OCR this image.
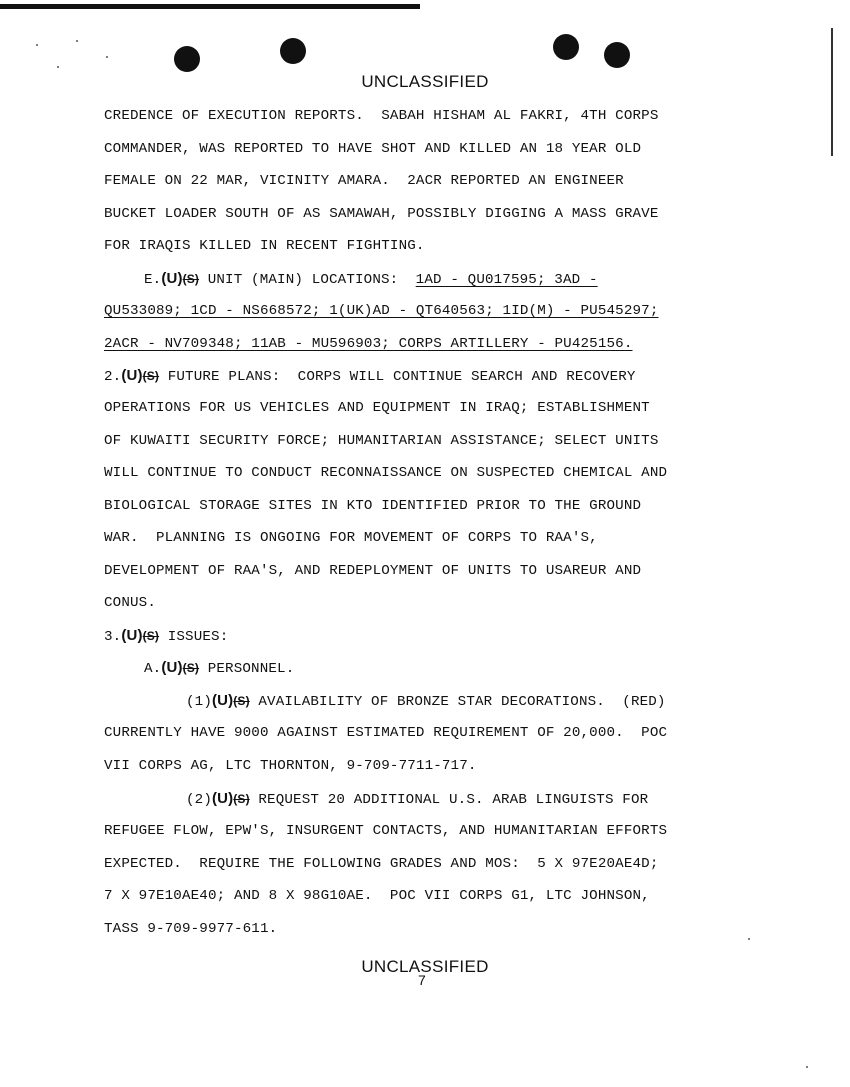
UNCLASSIFIED
CREDENCE OF EXECUTION REPORTS.  SABAH HISHAM AL FAKRI, 4TH CORPS
COMMANDER, WAS REPORTED TO HAVE SHOT AND KILLED AN 18 YEAR OLD
FEMALE ON 22 MAR, VICINITY AMARA.  2ACR REPORTED AN ENGINEER
BUCKET LOADER SOUTH OF AS SAMAWAH, POSSIBLY DIGGING A MASS GRAVE
FOR IRAQIS KILLED IN RECENT FIGHTING.
E.(U)(S) UNIT (MAIN) LOCATIONS:  1AD - QU017595; 3AD -
QU533089; 1CD - NS668572; 1(UK)AD - QT640563; 1ID(M) - PU545297;
2ACR - NV709348; 11AB - MU596903; CORPS ARTILLERY - PU425156.
2.(U)(S) FUTURE PLANS:  CORPS WILL CONTINUE SEARCH AND RECOVERY
OPERATIONS FOR US VEHICLES AND EQUIPMENT IN IRAQ; ESTABLISHMENT
OF KUWAITI SECURITY FORCE; HUMANITARIAN ASSISTANCE; SELECT UNITS
WILL CONTINUE TO CONDUCT RECONNAISSANCE ON SUSPECTED CHEMICAL AND
BIOLOGICAL STORAGE SITES IN KTO IDENTIFIED PRIOR TO THE GROUND
WAR.  PLANNING IS ONGOING FOR MOVEMENT OF CORPS TO RAA'S,
DEVELOPMENT OF RAA'S, AND REDEPLOYMENT OF UNITS TO USAREUR AND
CONUS.
3.(U)(S) ISSUES:
A.(U)(S) PERSONNEL.
(1)(U)(S) AVAILABILITY OF BRONZE STAR DECORATIONS.  (RED)
CURRENTLY HAVE 9000 AGAINST ESTIMATED REQUIREMENT OF 20,000.  POC
VII CORPS AG, LTC THORNTON, 9-709-7711-717.
(2)(U)(S) REQUEST 20 ADDITIONAL U.S. ARAB LINGUISTS FOR
REFUGEE FLOW, EPW'S, INSURGENT CONTACTS, AND HUMANITARIAN EFFORTS
EXPECTED.  REQUIRE THE FOLLOWING GRADES AND MOS:  5 X 97E20AE4D;
7 X 97E10AE40; AND 8 X 98G10AE.  POC VII CORPS G1, LTC JOHNSON,
TASS 9-709-9977-611.
UNCLASSIFIED
7
